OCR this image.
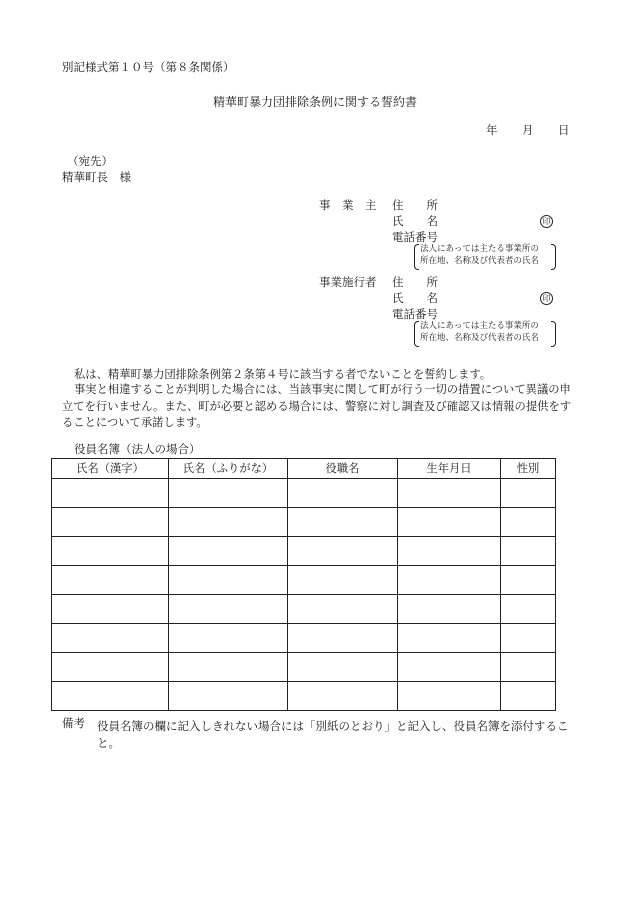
別記様式第１０号（第８条関係）
精華町暴力団排除条例に関する誓約書
年 月 日
（宛先）
精華町長　様
事　業　主 住　　所
氏　　名	印
電話番号
法人にあっては主たる事業所の
所在地、名称及び代表者の氏名
事業施行者 住　　所
氏　　名	印
電話番号
法人にあっては主たる事業所の
所在地、名称及び代表者の氏名
私は、精華町暴力団排除条例第２条第４号に該当する者でないことを誓約します。
事実と相違することが判明した場合には、当該事実に関して町が行う一切の措置について異議の申立てを行いません。また、町が必要と認める場合には、警察に対し調査及び確認又は情報の提供をすることについて承諾します。
役員名簿（法人の場合）
氏名（漢字）	氏名（ふりがな）	役職名	生年月日	性別

備考 役員名簿の欄に記入しきれない場合には「別紙のとおり」と記入し、役員名簿を添付すること。
